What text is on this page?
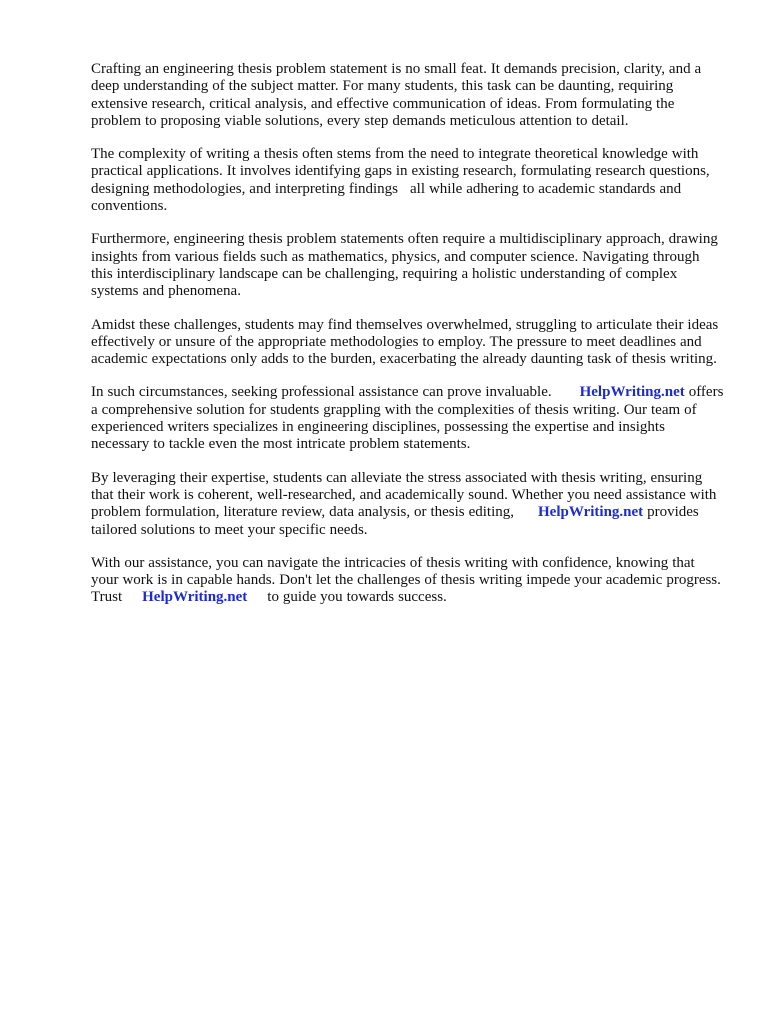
Crafting an engineering thesis problem statement is no small feat. It demands precision, clarity, and a deep understanding of the subject matter. For many students, this task can be daunting, requiring extensive research, critical analysis, and effective communication of ideas. From formulating the problem to proposing viable solutions, every step demands meticulous attention to detail.

The complexity of writing a thesis often stems from the need to integrate theoretical knowledge with practical applications. It involves identifying gaps in existing research, formulating research questions, designing methodologies, and interpreting findings all while adhering to academic standards and conventions.

Furthermore, engineering thesis problem statements often require a multidisciplinary approach, drawing insights from various fields such as mathematics, physics, and computer science. Navigating through this interdisciplinary landscape can be challenging, requiring a holistic understanding of complex systems and phenomena.

Amidst these challenges, students may find themselves overwhelmed, struggling to articulate their ideas effectively or unsure of the appropriate methodologies to employ. The pressure to meet deadlines and academic expectations only adds to the burden, exacerbating the already daunting task of thesis writing.

In such circumstances, seeking professional assistance can prove invaluable. HelpWriting.net offers a comprehensive solution for students grappling with the complexities of thesis writing. Our team of experienced writers specializes in engineering disciplines, possessing the expertise and insights necessary to tackle even the most intricate problem statements.

By leveraging their expertise, students can alleviate the stress associated with thesis writing, ensuring that their work is coherent, well-researched, and academically sound. Whether you need assistance with problem formulation, literature review, data analysis, or thesis editing, HelpWriting.net provides tailored solutions to meet your specific needs.

With our assistance, you can navigate the intricacies of thesis writing with confidence, knowing that your work is in capable hands. Don't let the challenges of thesis writing impede your academic progress. Trust HelpWriting.net to guide you towards success.
